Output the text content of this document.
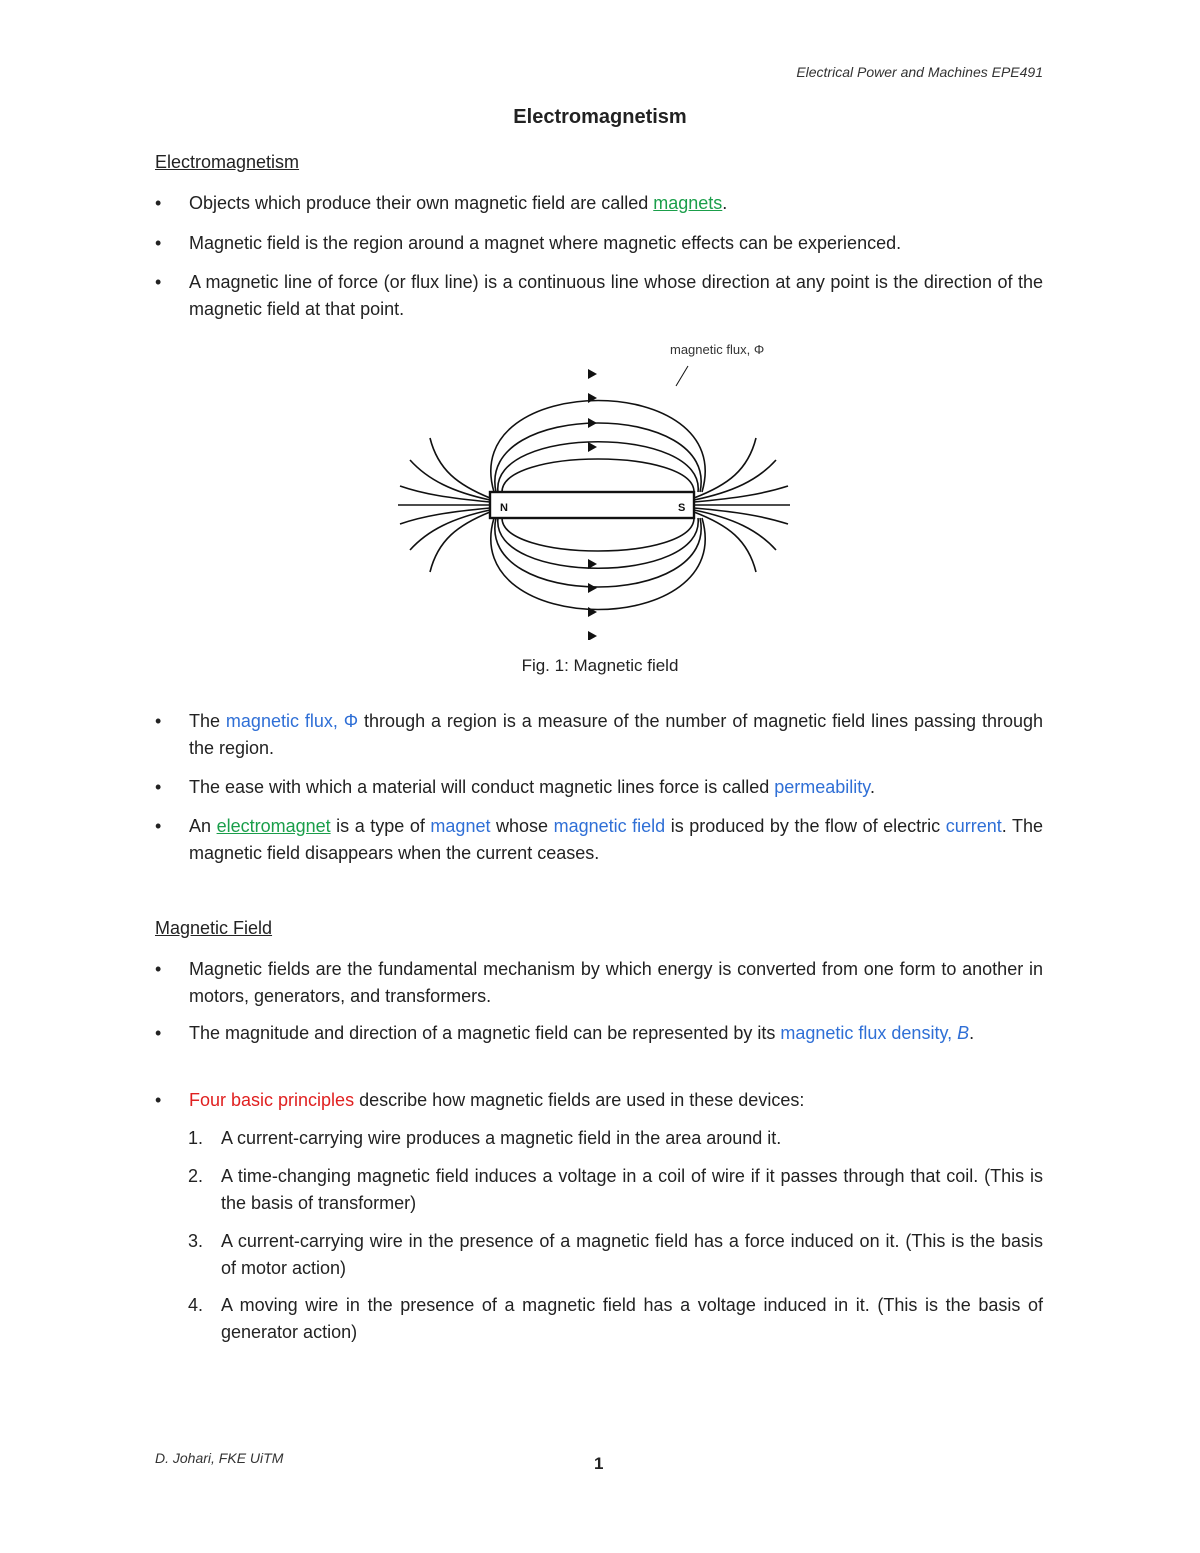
Electrical Power and Machines EPE491
Electromagnetism
Electromagnetism
•	Objects which produce their own magnetic field are called magnets.
•	Magnetic field is the region around a magnet where magnetic effects can be experienced.
•	A magnetic line of force (or flux line) is a continuous line whose direction at any point is the direction of the magnetic field at that point.
N	S
magnetic flux, Φ
Fig. 1: Magnetic field
•	The magnetic flux, Φ through a region is a measure of the number of magnetic field lines passing through the region.
•	The ease with which a material will conduct magnetic lines force is called permeability.
•	An electromagnet is a type of magnet whose magnetic field is produced by the flow of electric current. The magnetic field disappears when the current ceases.
Magnetic Field
•	Magnetic fields are the fundamental mechanism by which energy is converted from one form to another in motors, generators, and transformers.
•	The magnitude and direction of a magnetic field can be represented by its magnetic flux density, B.
•	Four basic principles describe how magnetic fields are used in these devices:
1. A current-carrying wire produces a magnetic field in the area around it.
2. A time-changing magnetic field induces a voltage in a coil of wire if it passes through that coil. (This is the basis of transformer)
3. A current-carrying wire in the presence of a magnetic field has a force induced on it. (This is the basis of motor action)
4. A moving wire in the presence of a magnetic field has a voltage induced in it. (This is the basis of generator action)
D. Johari, FKE UiTM	1
